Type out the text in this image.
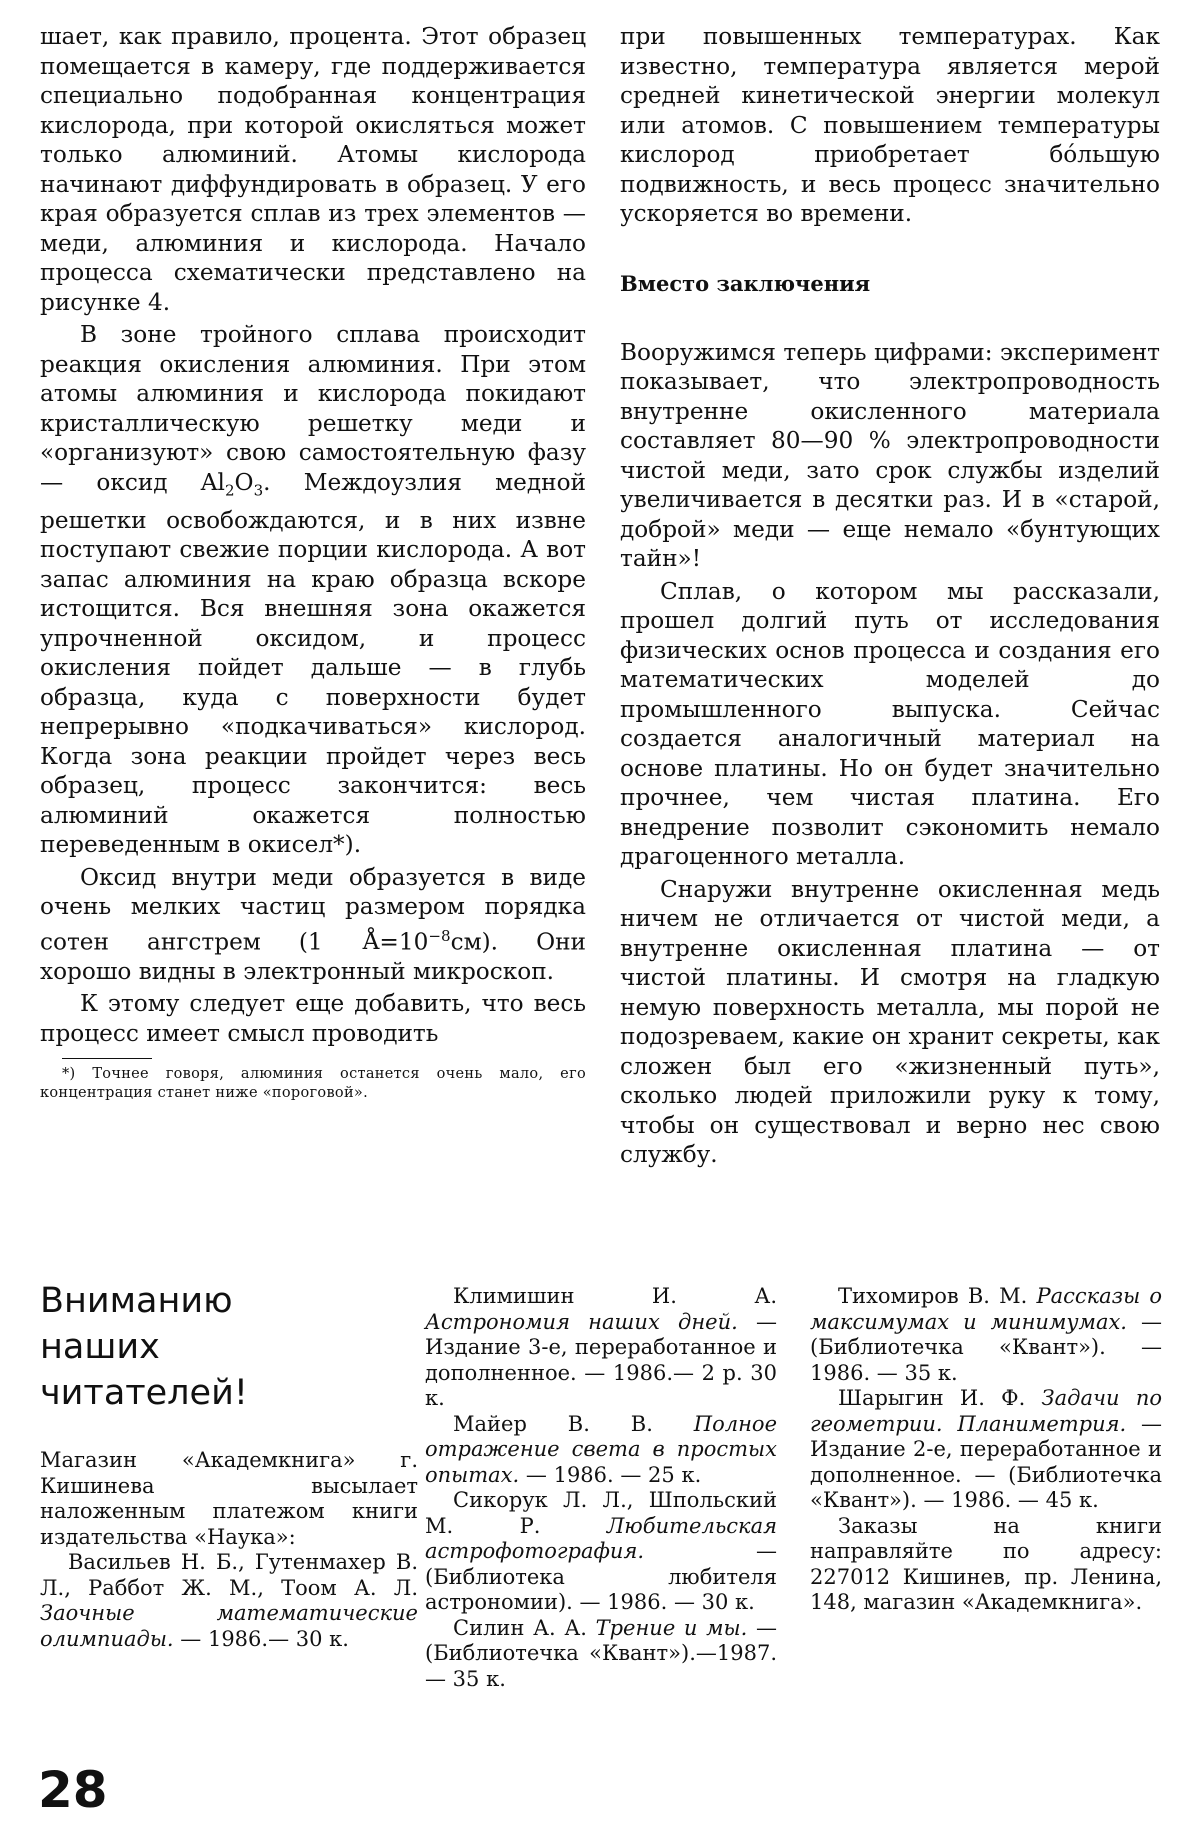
шает, как правило, процента. Этот образец помещается в камеру, где поддерживается специально подобранная концентрация кислорода, при которой окисляться может только алюминий. Атомы кислорода начинают диффундировать в образец. У его края образуется сплав из трех элементов — меди, алюминия и кислорода. Начало процесса схематически представлено на рисунке 4.

В зоне тройного сплава происходит реакция окисления алюминия. При этом атомы алюминия и кислорода покидают кристаллическую решетку меди и «организуют» свою самостоятельную фазу — оксид $Al_2O_3$. Междоузлия медной решетки освобождаются, и в них извне поступают свежие порции кислорода. А вот запас алюминия на краю образца вскоре истощится. Вся внешняя зона окажется упрочненной оксидом, и процесс окисления пойдет дальше — в глубь образца, куда с поверхности будет непрерывно «подкачиваться» кислород. Когда зона реакции пройдет через весь образец, процесс закончится: весь алюминий окажется полностью переведенным в окисел*).

Оксид внутри меди образуется в виде очень мелких частиц размером порядка сотен ангстрем (1 $Å=10^{-8}см$). Они хорошо видны в электронный микроскоп.

К этому следует еще добавить, что весь процесс имеет смысл проводить

*) Точнее говоря, алюминия останется очень мало, его концентрация станет ниже «пороговой».

при повышенных температурах. Как известно, температура является мерой средней кинетической энергии молекул или атомов. С повышением температуры кислород приобретает бóльшую подвижность, и весь процесс значительно ускоряется во времени.

Вместо заключения

Вооружимся теперь цифрами: эксперимент показывает, что электропроводность внутренне окисленного материала составляет 80—90 % электропроводности чистой меди, зато срок службы изделий увеличивается в десятки раз. И в «старой, доброй» меди — еще немало «бунтующих тайн»!

Сплав, о котором мы рассказали, прошел долгий путь от исследования физических основ процесса и создания его математических моделей до промышленного выпуска. Сейчас создается аналогичный материал на основе платины. Но он будет значительно прочнее, чем чистая платина. Его внедрение позволит сэкономить немало драгоценного металла.

Снаружи внутренне окисленная медь ничем не отличается от чистой меди, а внутренне окисленная платина — от чистой платины. И смотря на гладкую немую поверхность металла, мы порой не подозреваем, какие он хранит секреты, как сложен был его «жизненный путь», сколько людей приложили руку к тому, чтобы он существовал и верно нес свою службу.

Вниманию наших читателей!

Магазин «Академкнига» г. Кишинева высылает наложенным платежом книги издательства «Наука»:

Васильев Н. Б., Гутенмахер В. Л., Раббот Ж. М., Тоом А. Л. Заочные математические олимпиады. — 1986.— 30 к.

Климишин И. А. Астрономия наших дней. — Издание 3-е, переработанное и дополненное. — 1986.— 2 р. 30 к.

Майер В. В. Полное отражение света в простых опытах. — 1986. — 25 к.

Сикорук Л. Л., Шпольский М. Р. Любительская астрофотография. — (Библиотека любителя астрономии). — 1986. — 30 к.

Силин А. А. Трение и мы. — (Библиотечка «Квант»).—1987. — 35 к.

Тихомиров В. М. Рассказы о максимумах и минимумах. — (Библиотечка «Квант»). — 1986. — 35 к.

Шарыгин И. Ф. Задачи по геометрии. Планиметрия. — Издание 2-е, переработанное и дополненное. — (Библиотечка «Квант»). — 1986. — 45 к.

Заказы на книги направляйте по адресу: 227012 Кишинев, пр. Ленина, 148, магазин «Академкнига».

28
